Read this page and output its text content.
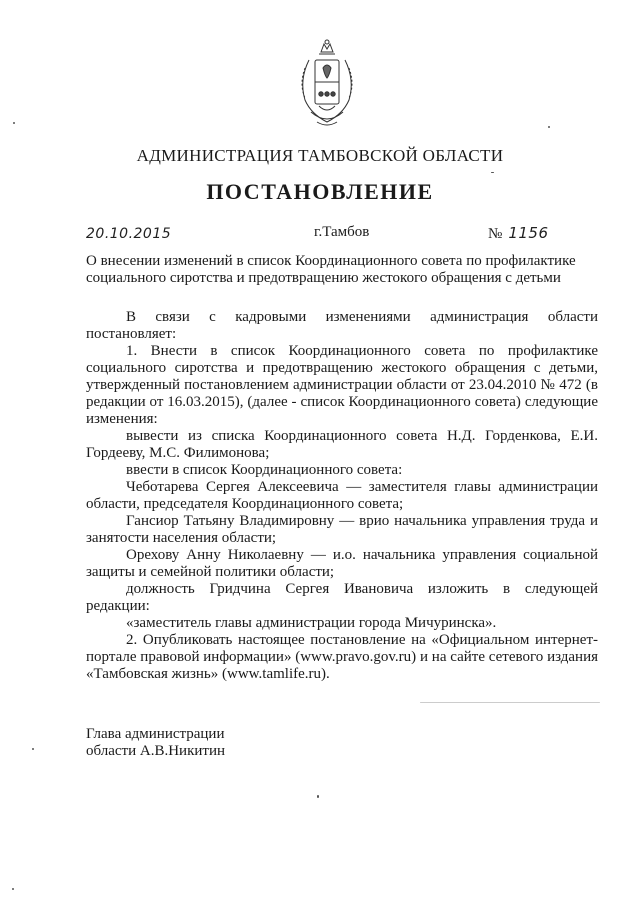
АДМИНИСТРАЦИЯ ТАМБОВСКОЙ ОБЛАСТИ
ПОСТАНОВЛЕНИЕ
20.10.2015	г.Тамбов	№ 1156
О внесении изменений в список Координационного совета по профилактике
социального сиротства и предотвращению жестокого обращения с детьми

В связи с кадровыми изменениями администрация области постановляет:

1. Внести в список Координационного совета по профилактике социального сиротства и предотвращению жестокого обращения с детьми, утвержденный постановлением администрации области от 23.04.2010 № 472 (в редакции от 16.03.2015), (далее - список Координационного совета) следующие изменения:

вывести из списка Координационного совета Н.Д. Горденкова, Е.И. Гордееву, М.С. Филимонова;

ввести в список Координационного совета:

Чеботарева Сергея Алексеевича — заместителя главы администрации области, председателя Координационного совета;

Гансиор Татьяну Владимировну — врио начальника управления труда и занятости населения области;

Орехову Анну Николаевну — и.о. начальника управления социальной защиты и семейной политики области;

должность Гридчина Сергея Ивановича изложить в следующей редакции:

«заместитель главы администрации города Мичуринска».

2. Опубликовать настоящее постановление на «Официальном интернет-портале правовой информации» (www.pravo.gov.ru) и на сайте сетевого издания «Тамбовская жизнь» (www.tamlife.ru).

Глава администрации
области А.В.Никитин
